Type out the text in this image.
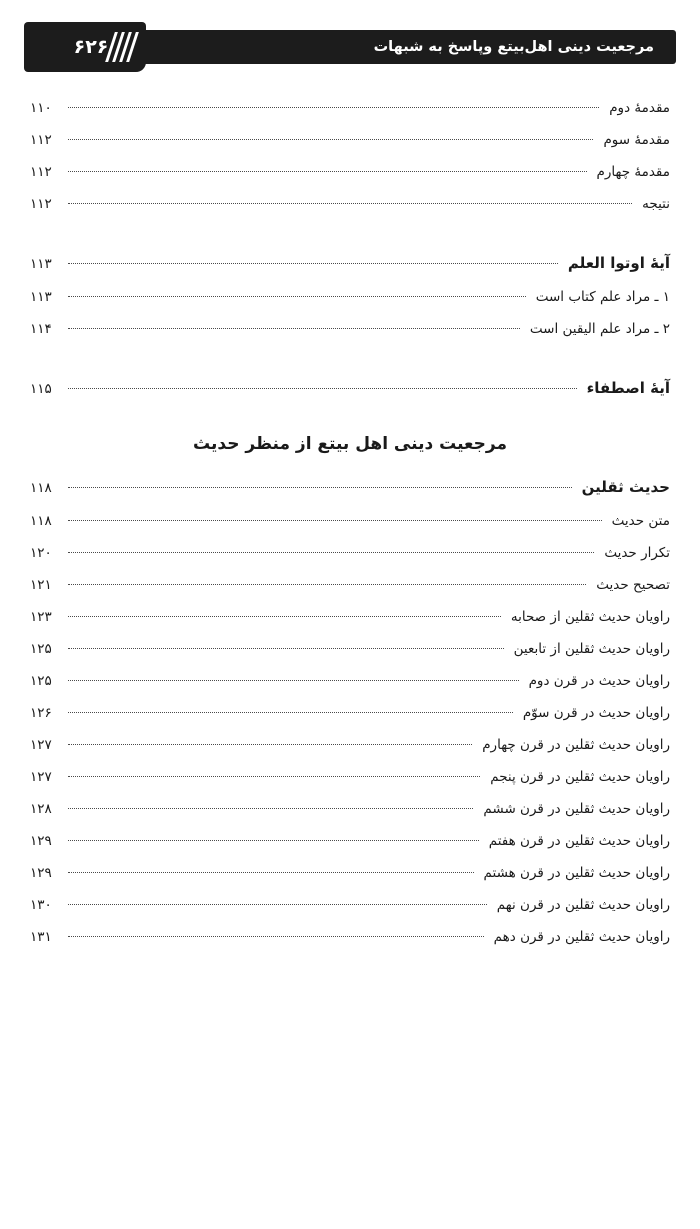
مرجعیت دینی اهل‌بیتع وپاسخ به شبهات
۶۲۶
مقدمهٔ دوم
۱۱۰
مقدمهٔ سوم
۱۱۲
مقدمهٔ چهارم
۱۱۲
نتیجه
۱۱۲
آیهٔ اوتوا العلم
۱۱۳
۱ ـ مراد علم کتاب است
۱۱۳
۲ ـ مراد علم الیقین است
۱۱۴
آیهٔ اصطفاء
۱۱۵
مرجعیت دینی اهل بیتع از منظر حدیث
حدیث ثقلین
۱۱۸
متن حدیث
۱۱۸
تکرار حدیث
۱۲۰
تصحیح حدیث
۱۲۱
راویان حدیث ثقلین از صحابه
۱۲۳
راویان حدیث ثقلین از تابعین
۱۲۵
راویان حدیث در قرن دوم
۱۲۵
راویان حدیث در قرن سوّم
۱۲۶
راویان حدیث ثقلین در قرن چهارم
۱۲۷
راویان حدیث ثقلین در قرن پنجم
۱۲۷
راویان حدیث ثقلین در قرن ششم
۱۲۸
راویان حدیث ثقلین در قرن هفتم
۱۲۹
راویان حدیث ثقلین در قرن هشتم
۱۲۹
راویان حدیث ثقلین در قرن نهم
۱۳۰
راویان حدیث ثقلین در قرن دهم
۱۳۱
